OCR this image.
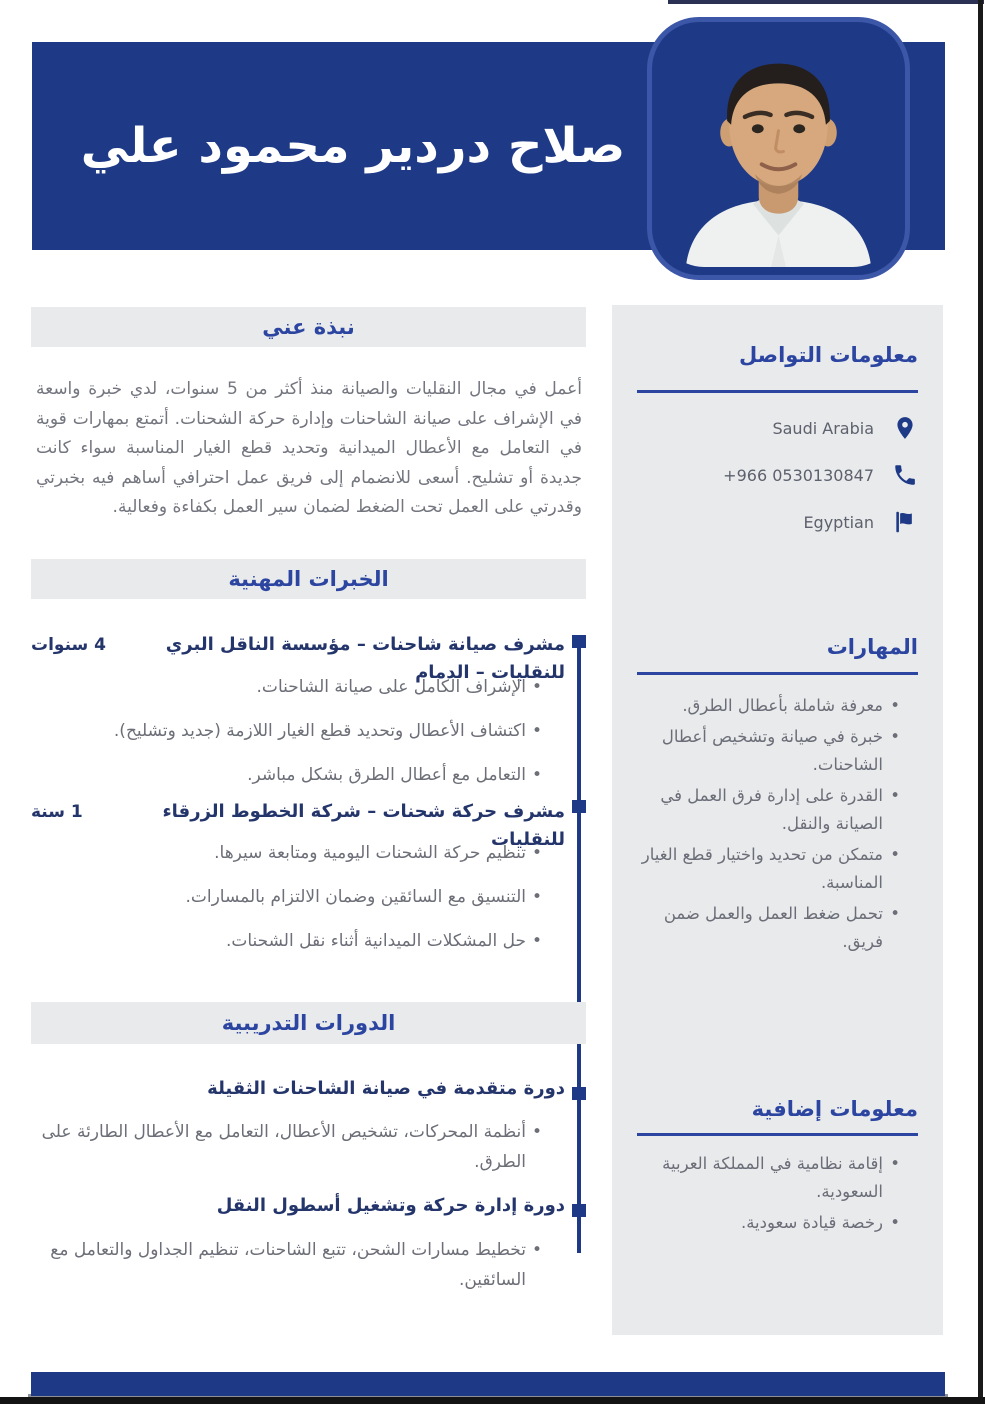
صلاح دردير محمود علي
نبذة عني
أعمل في مجال النقليات والصيانة منذ أكثر من 5 سنوات، لدي خبرة واسعة في الإشراف على صيانة الشاحنات وإدارة حركة الشحنات. أتمتع بمهارات قوية في التعامل مع الأعطال الميدانية وتحديد قطع الغيار المناسبة سواء كانت جديدة أو تشليح. أسعى للانضمام إلى فريق عمل احترافي أساهم فيه بخبرتي وقدرتي على العمل تحت الضغط لضمان سير العمل بكفاءة وفعالية.
الخبرات المهنية
مشرف صيانة شاحنات – مؤسسة الناقل البري للنقليات – الدمام
4 سنوات
• الإشراف الكامل على صيانة الشاحنات.
• اكتشاف الأعطال وتحديد قطع الغيار اللازمة (جديد وتشليح).
• التعامل مع أعطال الطرق بشكل مباشر.
مشرف حركة شحنات – شركة الخطوط الزرقاء للنقليات
1 سنة
• تنظيم حركة الشحنات اليومية ومتابعة سيرها.
• التنسيق مع السائقين وضمان الالتزام بالمسارات.
• حل المشكلات الميدانية أثناء نقل الشحنات.
الدورات التدريبية
دورة متقدمة في صيانة الشاحنات الثقيلة
• أنظمة المحركات، تشخيص الأعطال، التعامل مع الأعطال الطارئة على الطرق.
دورة إدارة حركة وتشغيل أسطول النقل
• تخطيط مسارات الشحن، تتبع الشاحنات، تنظيم الجداول والتعامل مع السائقين.
معلومات التواصل
Saudi Arabia
+966 0530130847
Egyptian
المهارات
• معرفة شاملة بأعطال الطرق.
• خبرة في صيانة وتشخيص أعطال الشاحنات.
• القدرة على إدارة فرق العمل في الصيانة والنقل.
• متمكن من تحديد واختيار قطع الغيار المناسبة.
• تحمل ضغط العمل والعمل ضمن فريق.
معلومات إضافية
• إقامة نظامية في المملكة العربية السعودية.
• رخصة قيادة سعودية.
